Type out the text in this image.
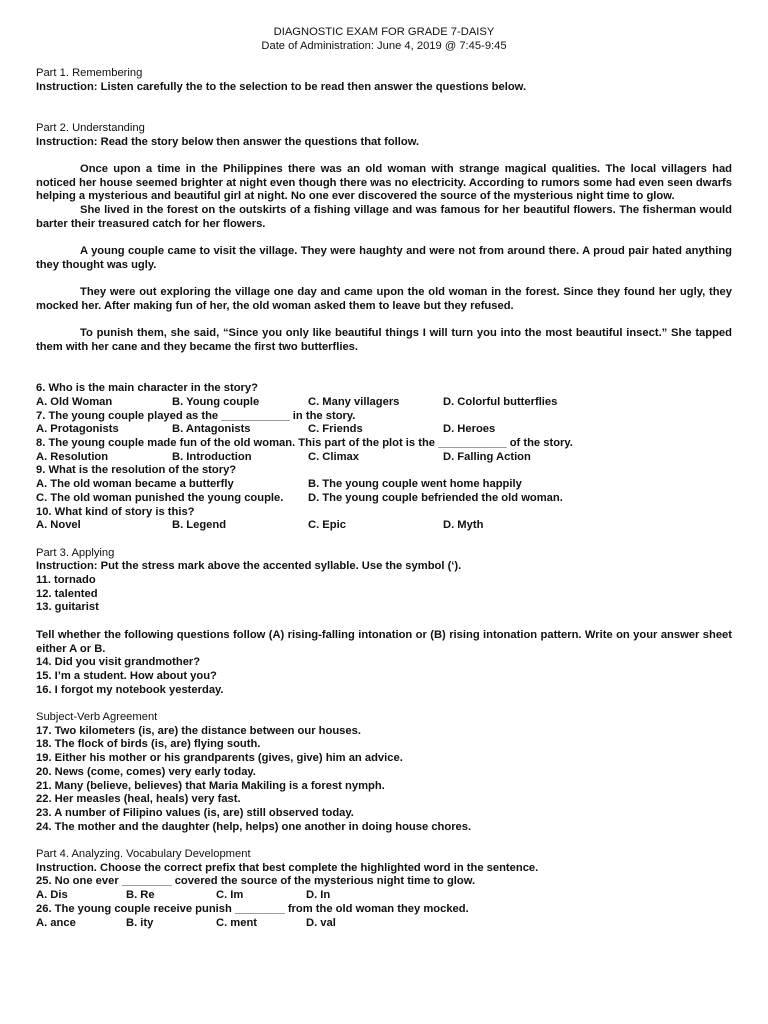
DIAGNOSTIC EXAM FOR GRADE 7-DAISY
Date of Administration: June 4, 2019 @ 7:45-9:45
Part 1. Remembering
Instruction: Listen carefully the to the selection to be read then answer the questions below.
Part 2. Understanding
Instruction: Read the story below then answer the questions that follow.
Once upon a time in the Philippines there was an old woman with strange magical qualities. The local villagers had noticed her house seemed brighter at night even though there was no electricity. According to rumors some had even seen dwarfs helping a mysterious and beautiful girl at night. No one ever discovered the source of the mysterious night time to glow.
She lived in the forest on the outskirts of a fishing village and was famous for her beautiful flowers. The fisherman would barter their treasured catch for her flowers.
A young couple came to visit the village. They were haughty and were not from around there. A proud pair hated anything they thought was ugly.
They were out exploring the village one day and came upon the old woman in the forest. Since they found her ugly, they mocked her. After making fun of her, the old woman asked them to leave but they refused.
To punish them, she said, “Since you only like beautiful things I will turn you into the most beautiful insect.” She tapped them with her cane and they became the first two butterflies.
6. Who is the main character in the story?
A. Old Woman	B. Young couple	C. Many villagers	D. Colorful butterflies
7. The young couple played as the ___________ in the story.
A. Protagonists	B. Antagonists	C. Friends	D. Heroes
8. The young couple made fun of the old woman. This part of the plot is the ___________ of the story.
A. Resolution	B. Introduction	C. Climax	D. Falling Action
9. What is the resolution of the story?
A. The old woman became a butterfly	B. The young couple went home happily
C. The old woman punished the young couple.	D. The young couple befriended the old woman.
10. What kind of story is this?
A. Novel	B. Legend	C. Epic	D. Myth
Part 3. Applying
Instruction: Put the stress mark above the accented syllable. Use the symbol (‘).
11. tornado
12. talented
13. guitarist
Tell whether the following questions follow (A) rising-falling intonation or (B) rising intonation pattern. Write on your answer sheet either A or B.
14. Did you visit grandmother?
15. I’m a student. How about you?
16. I forgot my notebook yesterday.
Subject-Verb Agreement
17. Two kilometers (is, are) the distance between our houses.
18. The flock of birds (is, are) flying south.
19. Either his mother or his grandparents (gives, give) him an advice.
20. News (come, comes) very early today.
21. Many (believe, believes) that Maria Makiling is a forest nymph.
22. Her measles (heal, heals) very fast.
23. A number of Filipino values (is, are) still observed today.
24. The mother and the daughter (help, helps) one another in doing house chores.
Part 4. Analyzing. Vocabulary Development
Instruction. Choose the correct prefix that best complete the highlighted word in the sentence.
25. No one ever ________ covered the source of the mysterious night time to glow.
A. Dis	B. Re	C. Im	D. In
26. The young couple receive punish ________ from the old woman they mocked.
A. ance	B. ity	C. ment	D. val
